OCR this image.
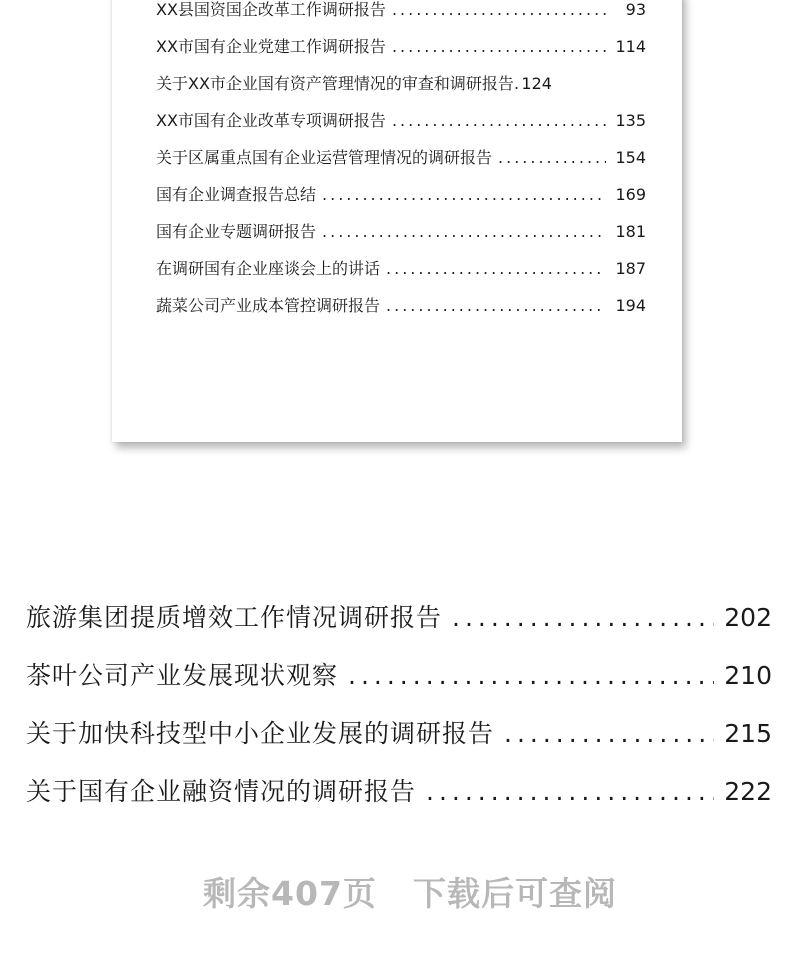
XX县国资国企改革工作调研报告 .....	93
XX市国有企业党建工作调研报告 .....	114
关于XX市企业国有资产管理情况的审查和调研报告 . 124
XX市国有企业改革专项调研报告 .....	135
关于区属重点国有企业运营管理情况的调研报告 .....	154
国有企业调查报告总结 .....	169
国有企业专题调研报告 .....	181
在调研国有企业座谈会上的讲话 .....	187
蔬菜公司产业成本管控调研报告 .....	194
旅游集团提质增效工作情况调研报告 .....	202
茶叶公司产业发展现状观察 .....	210
关于加快科技型中小企业发展的调研报告 .....	215
关于国有企业融资情况的调研报告 .....	222
剩余407页 下载后可查阅
